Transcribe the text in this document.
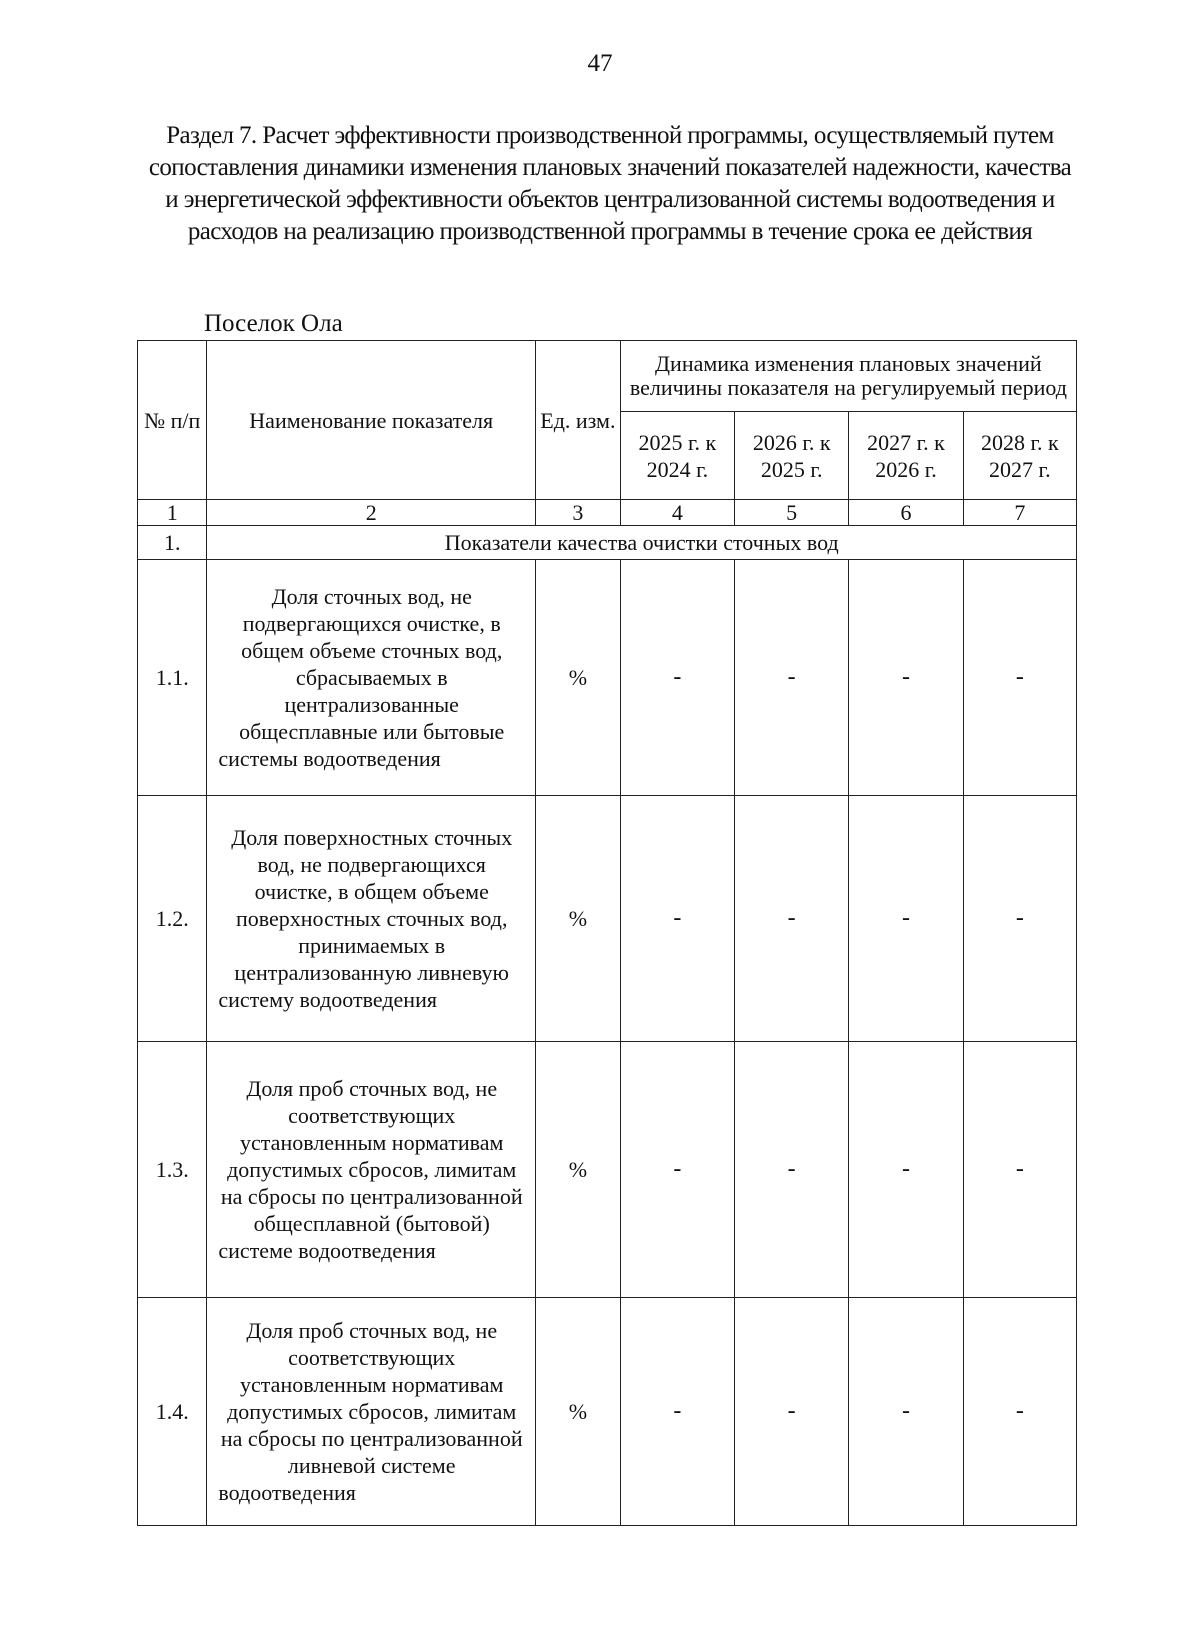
47
Раздел 7. Расчет эффективности производственной программы, осуществляемый путем сопоставления динамики изменения плановых значений показателей надежности, качества и энергетической эффективности объектов централизованной системы водоотведения и расходов на реализацию производственной программы в течение срока ее действия
Поселок Ола
№ п/п	Наименование показателя	Ед. изм.	Динамика изменения плановых значений величины показателя на регулируемый период			
			2025 г. к 2024 г.	2026 г. к 2025 г.	2027 г. к 2026 г.	2028 г. к 2027 г.
1	2	3	4	5	6	7
1.	Показатели качества очистки сточных вод					
1.1.	Доля сточных вод, не подвергающихся очистке, в общем объеме сточных вод, сбрасываемых в централизованные общесплавные или бытовые системы водоотведения	%	-	-	-	-
1.2.	Доля поверхностных сточных вод, не подвергающихся очистке, в общем объеме поверхностных сточных вод, принимаемых в централизованную ливневую систему водоотведения	%	-	-	-	-
1.3.	Доля проб сточных вод, не соответствующих установленным нормативам допустимых сбросов, лимитам на сбросы по централизованной общесплавной (бытовой) системе водоотведения	%	-	-	-	-
1.4.	Доля проб сточных вод, не соответствующих установленным нормативам допустимых сбросов, лимитам на сбросы по централизованной ливневой системе водоотведения	%	-	-	-	-
